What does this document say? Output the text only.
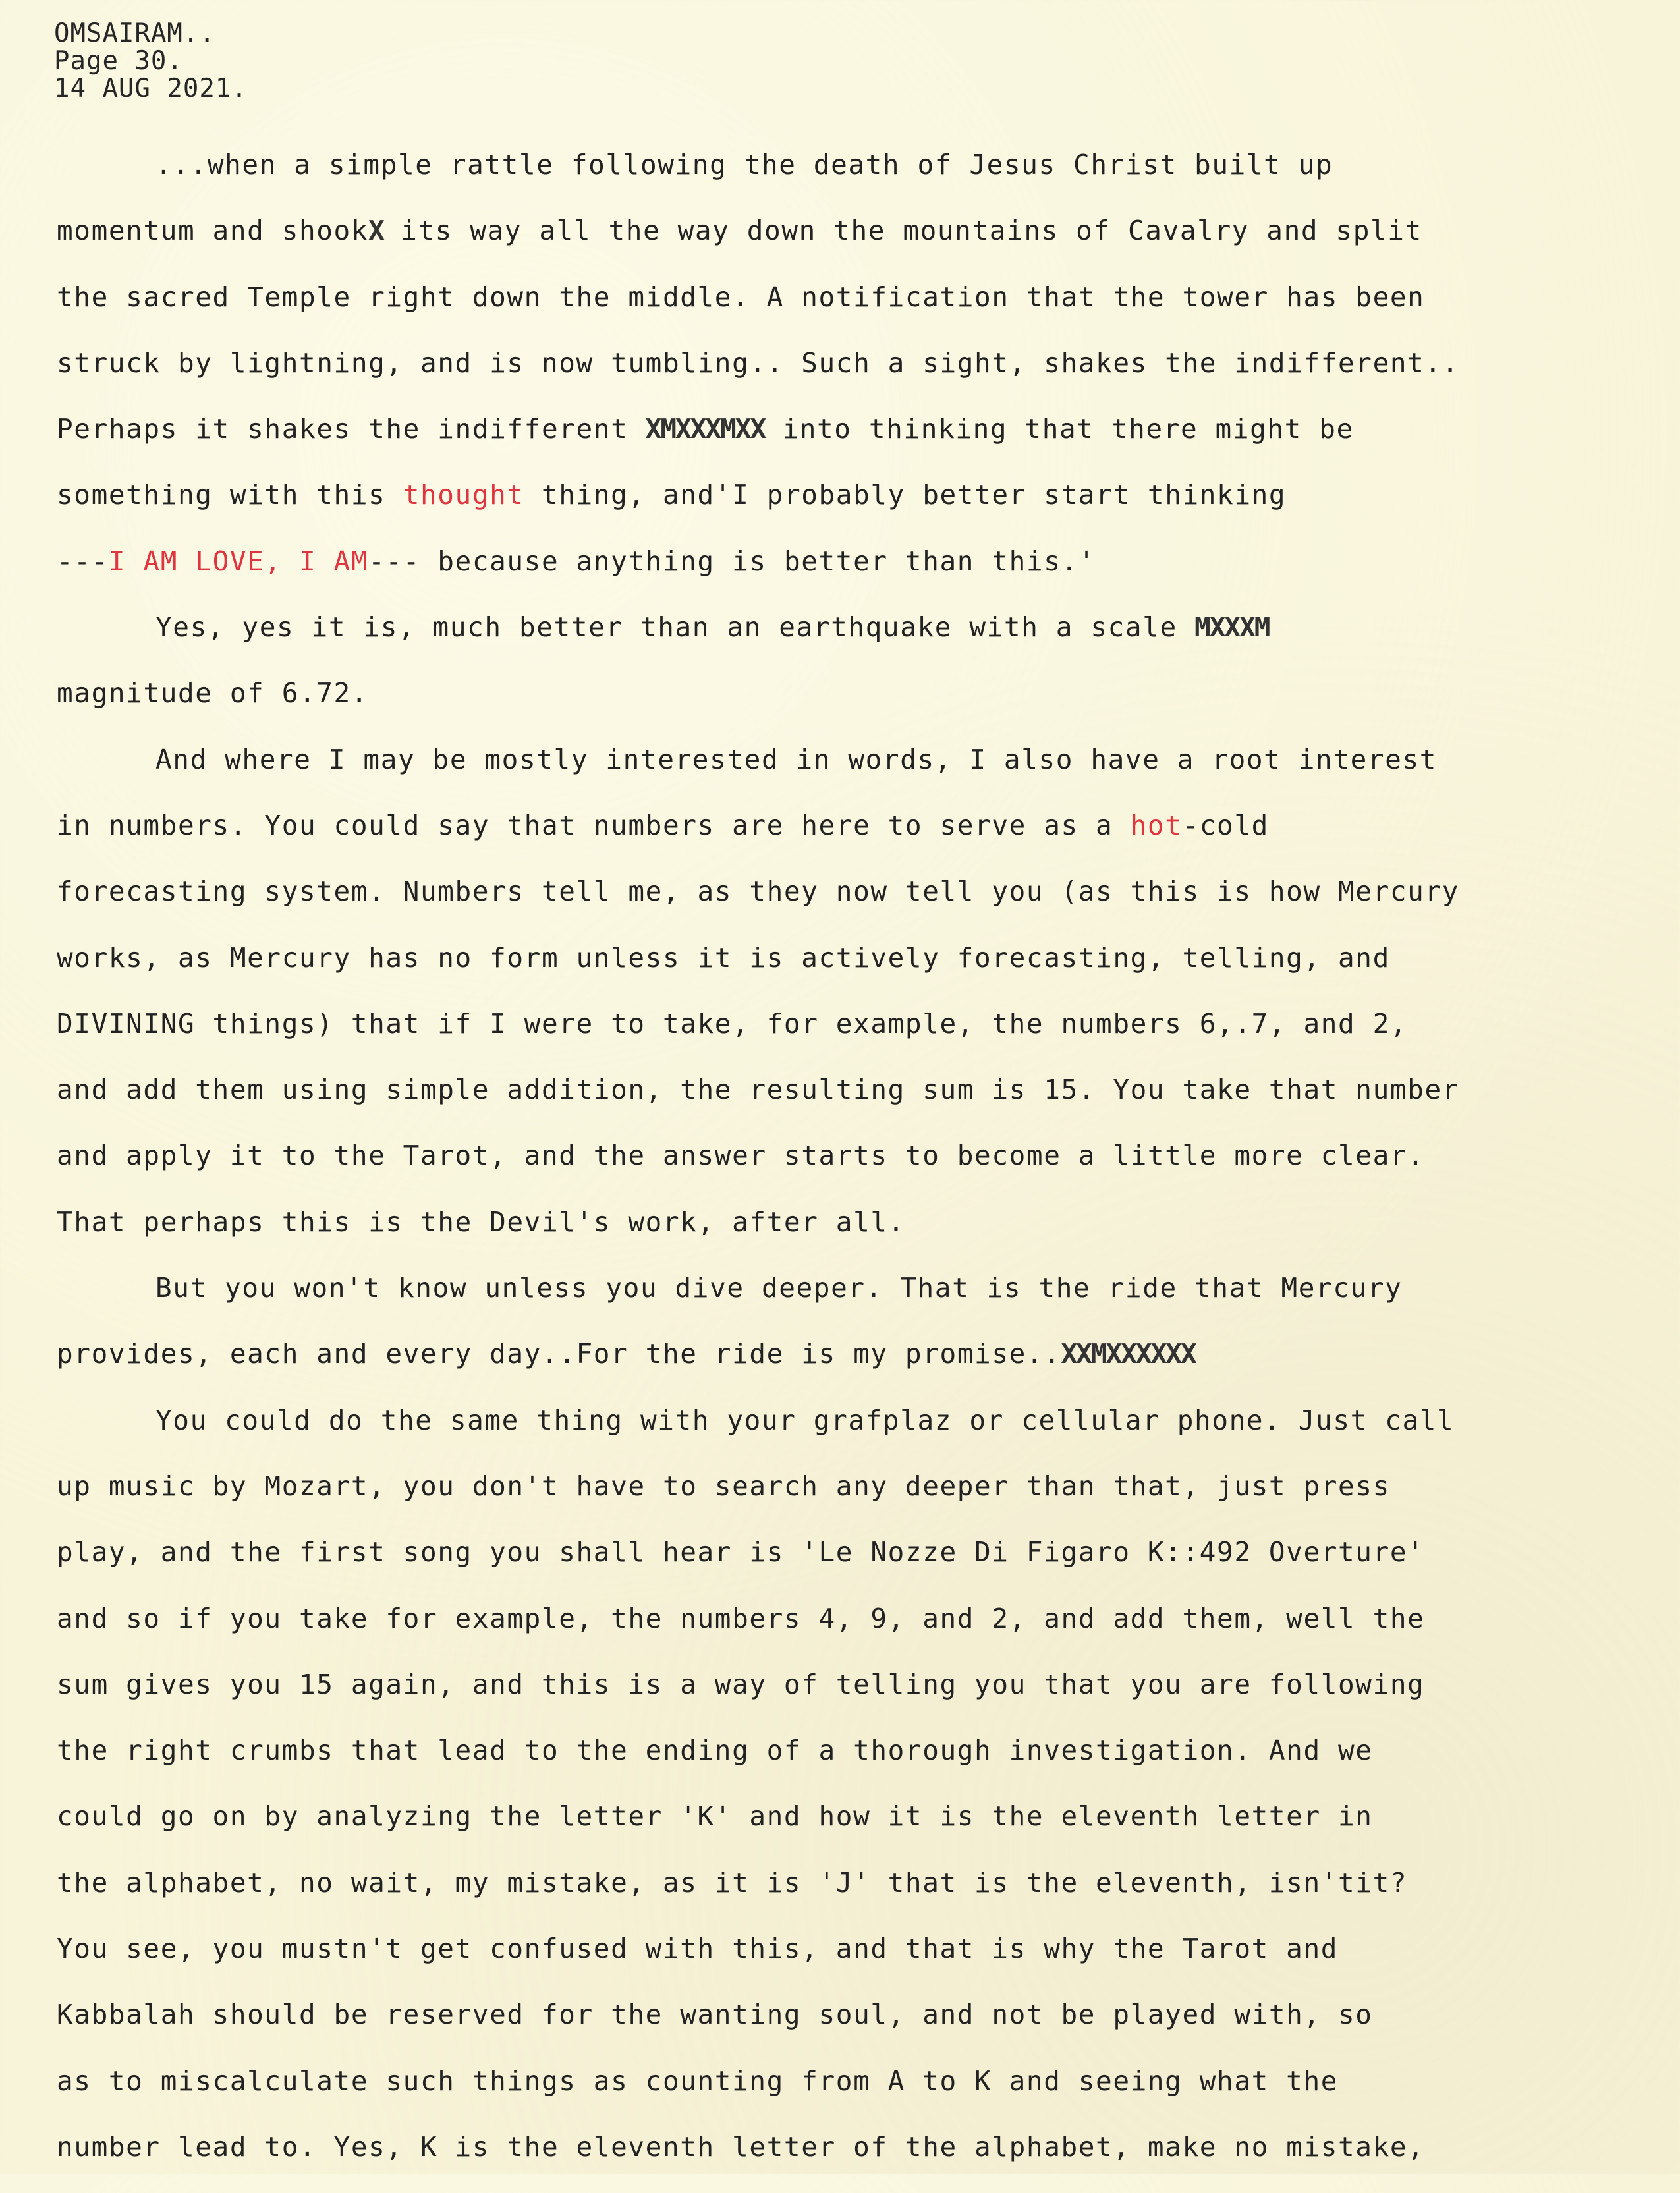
OMSAIRAM..
Page 30.
14 AUG 2021.
...when a simple rattle following the death of Jesus Christ built up
momentum and shookX its way all the way down the mountains of Cavalry and split
the sacred Temple right down the middle. A notification that the tower has been
struck by lightning, and is now tumbling.. Such a sight, shakes the indifferent..
Perhaps it shakes the indifferent XMXXXMXX into thinking that there might be
something with this thought thing, and'I probably better start thinking
---I AM LOVE, I AM--- because anything is better than this.'
Yes, yes it is, much better than an earthquake with a scale MXXXM
magnitude of 6.72.
And where I may be mostly interested in words, I also have a root interest
in numbers. You could say that numbers are here to serve as a hot-cold
forecasting system. Numbers tell me, as they now tell you (as this is how Mercury
works, as Mercury has no form unless it is actively forecasting, telling, and
DIVINING things) that if I were to take, for example, the numbers 6,.7, and 2,
and add them using simple addition, the resulting sum is 15. You take that number
and apply it to the Tarot, and the answer starts to become a little more clear.
That perhaps this is the Devil's work, after all.
But you won't know unless you dive deeper. That is the ride that Mercury
provides, each and every day..For the ride is my promise..XXMXXXXXX
You could do the same thing with your grafplaz or cellular phone. Just call
up music by Mozart, you don't have to search any deeper than that, just press
play, and the first song you shall hear is 'Le Nozze Di Figaro K::492 Overture'
and so if you take for example, the numbers 4, 9, and 2, and add them, well the
sum gives you 15 again, and this is a way of telling you that you are following
the right crumbs that lead to the ending of a thorough investigation. And we
could go on by analyzing the letter 'K' and how it is the eleventh letter in
the alphabet, no wait, my mistake, as it is 'J' that is the eleventh, isn'tit?
You see, you mustn't get confused with this, and that is why the Tarot and
Kabbalah should be reserved for the wanting soul, and not be played with, so
as to miscalculate such things as counting from A to K and seeing what the
number lead to. Yes, K is the eleventh letter of the alphabet, make no mistake,
